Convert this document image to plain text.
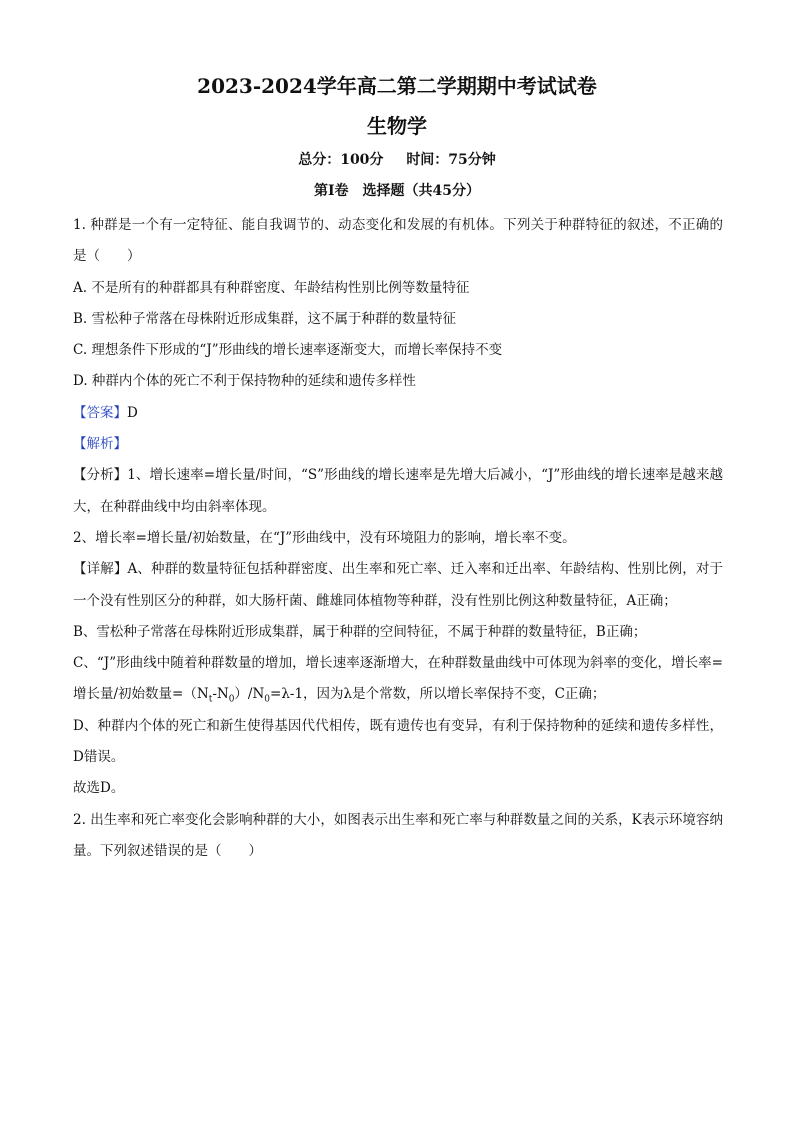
2023-2024学年高二第二学期期中考试试卷
生物学
总分：100分 时间：75分钟
第Ⅰ卷　选择题（共45分）

1. 种群是一个有一定特征、能自我调节的、动态变化和发展的有机体。下列关于种群特征的叙述，不正确的是（　　）

A. 不是所有的种群都具有种群密度、年龄结构性别比例等数量特征

B. 雪松种子常落在母株附近形成集群，这不属于种群的数量特征

C. 理想条件下形成的“J”形曲线的增长速率逐渐变大，而增长率保持不变

D. 种群内个体的死亡不利于保持物种的延续和遗传多样性

【答案】D

【解析】

【分析】1、增长速率=增长量/时间，“S”形曲线的增长速率是先增大后减小，“J”形曲线的增长速率是越来越大，在种群曲线中均由斜率体现。

2、增长率=增长量/初始数量，在“J”形曲线中，没有环境阻力的影响，增长率不变。

【详解】A、种群的数量特征包括种群密度、出生率和死亡率、迁入率和迁出率、年龄结构、性别比例，对于一个没有性别区分的种群，如大肠杆菌、雌雄同体植物等种群，没有性别比例这种数量特征，A正确；

B、雪松种子常落在母株附近形成集群，属于种群的空间特征，不属于种群的数量特征，B正确；

C、“J”形曲线中随着种群数量的增加，增长速率逐渐增大，在种群数量曲线中可体现为斜率的变化，增长率=增长量/初始数量$=(N_t-N_0)/N_0=\lambda-1$，因为λ是个常数，所以增长率保持不变，C正确；

D、种群内个体的死亡和新生使得基因代代相传，既有遗传也有变异，有利于保持物种的延续和遗传多样性，D错误。

故选D。

2. 出生率和死亡率变化会影响种群的大小，如图表示出生率和死亡率与种群数量之间的关系，K表示环境容纳量。下列叙述错误的是（　　）
